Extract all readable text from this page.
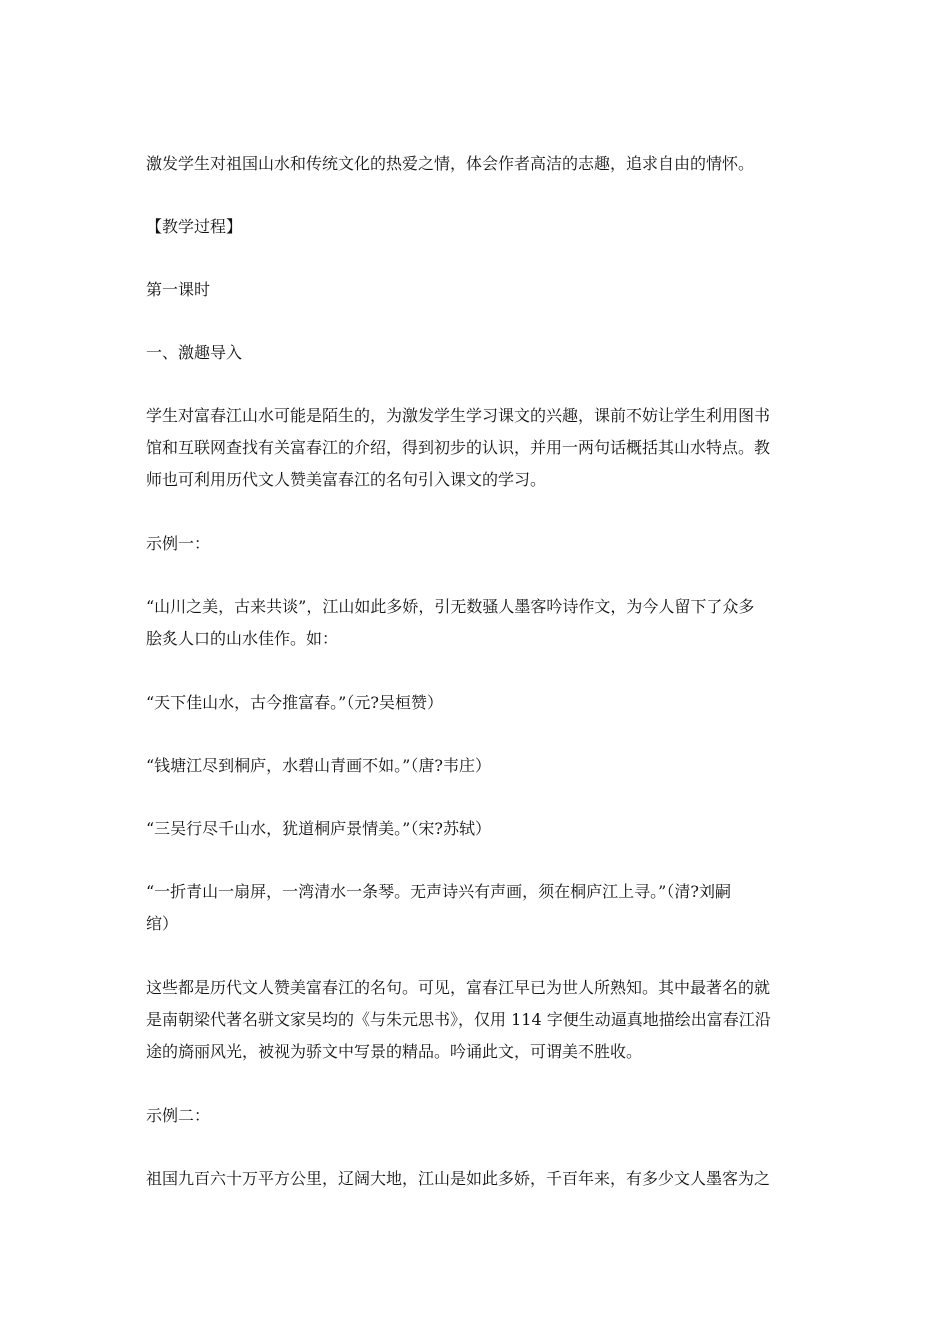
激发学生对祖国山水和传统文化的热爱之情，体会作者高洁的志趣，追求自由的情怀。

【教学过程】

第一课时

一、激趣导入

学生对富春江山水可能是陌生的，为激发学生学习课文的兴趣，课前不妨让学生利用图书
馆和互联网查找有关富春江的介绍，得到初步的认识，并用一两句话概括其山水特点。教
师也可利用历代文人赞美富春江的名句引入课文的学习。

示例一：

“山川之美，古来共谈”，江山如此多娇，引无数骚人墨客吟诗作文，为今人留下了众多
脍炙人口的山水佳作。如：

“天下佳山水，古今推富春。”（元?吴桓赞）

“钱塘江尽到桐庐，水碧山青画不如。”（唐?韦庄）

“三吴行尽千山水，犹道桐庐景情美。”（宋?苏轼）

“一折青山一扇屏，一湾清水一条琴。无声诗兴有声画，须在桐庐江上寻。”（清?刘嗣
绾）

这些都是历代文人赞美富春江的名句。可见，富春江早已为世人所熟知。其中最著名的就
是南朝梁代著名骈文家吴均的《与朱元思书》，仅用 114 字便生动逼真地描绘出富春江沿
途的旖丽风光，被视为骄文中写景的精品。吟诵此文，可谓美不胜收。

示例二：

祖国九百六十万平方公里，辽阔大地，江山是如此多娇，千百年来，有多少文人墨客为之
